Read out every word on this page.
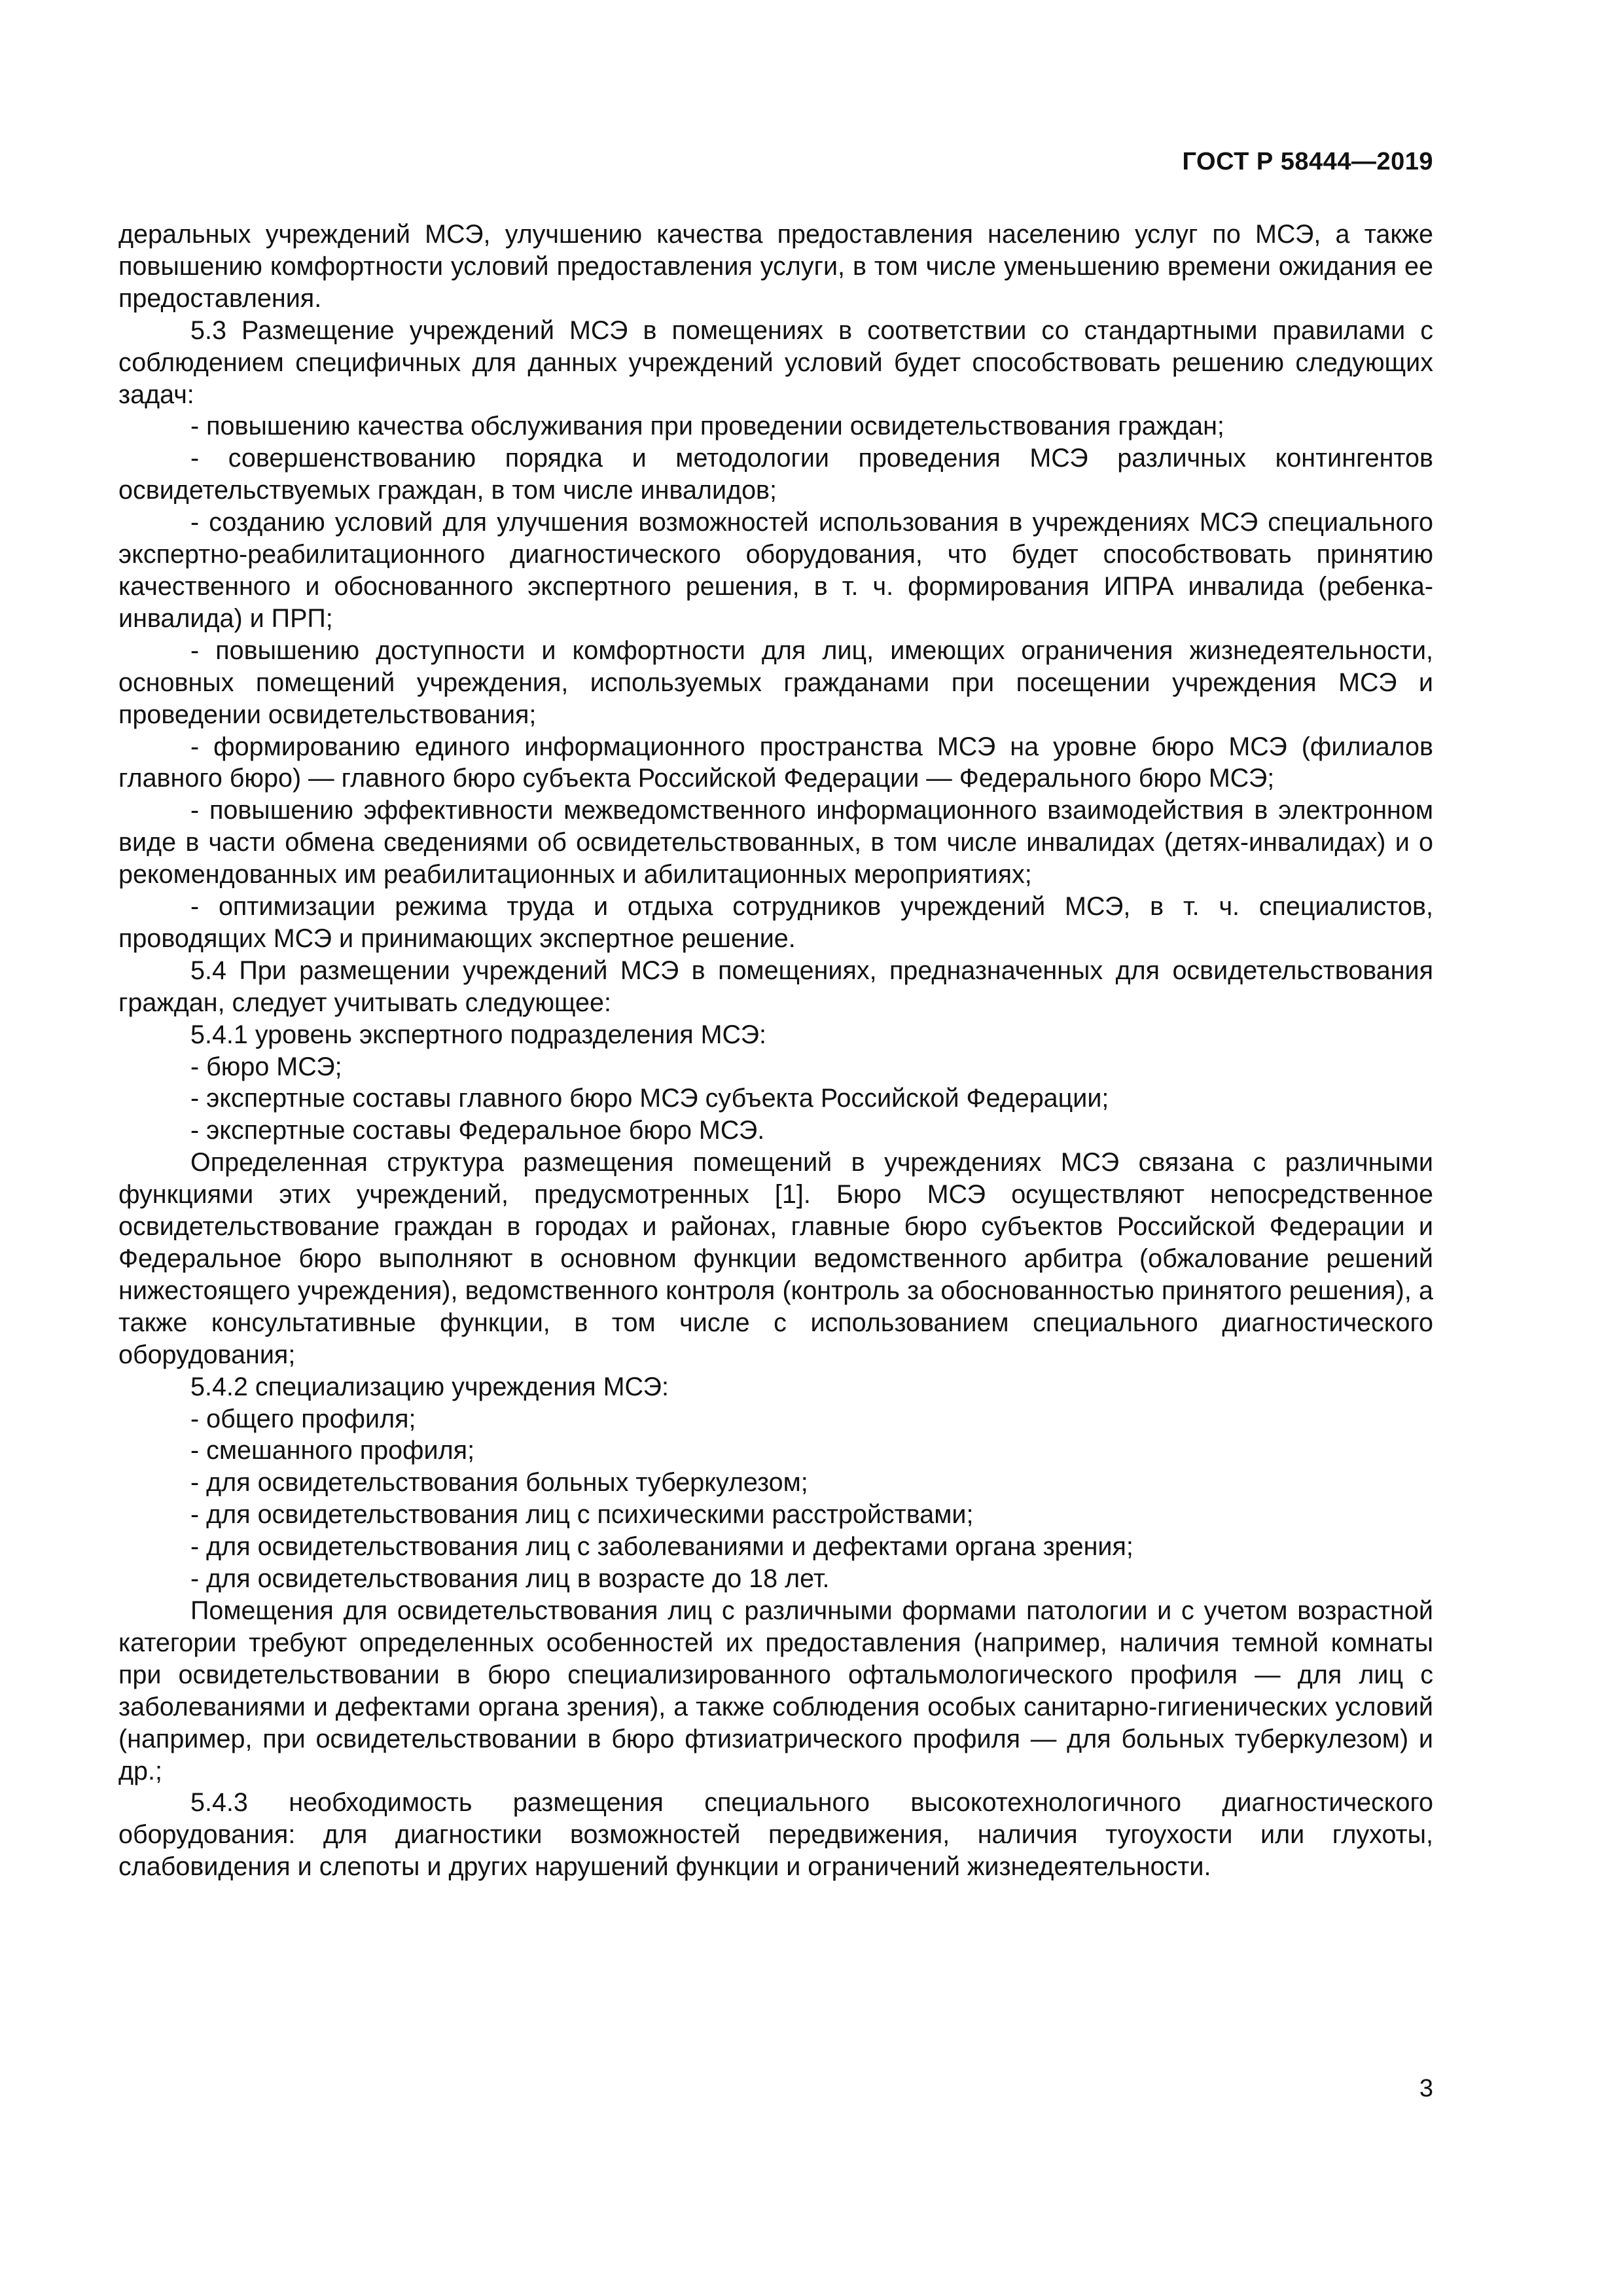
ГОСТ Р 58444—2019

деральных учреждений МСЭ, улучшению качества предоставления населению услуг по МСЭ, а также повышению комфортности условий предоставления услуги, в том числе уменьшению времени ожидания ее предоставления.

5.3 Размещение учреждений МСЭ в помещениях в соответствии со стандартными правилами с соблюдением специфичных для данных учреждений условий будет способствовать решению следующих задач:

- повышению качества обслуживания при проведении освидетельствования граждан;

- совершенствованию порядка и методологии проведения МСЭ различных контингентов освидетельствуемых граждан, в том числе инвалидов;

- созданию условий для улучшения возможностей использования в учреждениях МСЭ специального экспертно-реабилитационного диагностического оборудования, что будет способствовать принятию качественного и обоснованного экспертного решения, в т. ч. формирования ИПРА инвалида (ребенка-инвалида) и ПРП;

- повышению доступности и комфортности для лиц, имеющих ограничения жизнедеятельности, основных помещений учреждения, используемых гражданами при посещении учреждения МСЭ и проведении освидетельствования;

- формированию единого информационного пространства МСЭ на уровне бюро МСЭ (филиалов главного бюро) — главного бюро субъекта Российской Федерации — Федерального бюро МСЭ;

- повышению эффективности межведомственного информационного взаимодействия в электронном виде в части обмена сведениями об освидетельствованных, в том числе инвалидах (детях-инвалидах) и о рекомендованных им реабилитационных и абилитационных мероприятиях;

- оптимизации режима труда и отдыха сотрудников учреждений МСЭ, в т. ч. специалистов, проводящих МСЭ и принимающих экспертное решение.

5.4 При размещении учреждений МСЭ в помещениях, предназначенных для освидетельствования граждан, следует учитывать следующее:

5.4.1 уровень экспертного подразделения МСЭ:

- бюро МСЭ;

- экспертные составы главного бюро МСЭ субъекта Российской Федерации;

- экспертные составы Федеральное бюро МСЭ.

Определенная структура размещения помещений в учреждениях МСЭ связана с различными функциями этих учреждений, предусмотренных [1]. Бюро МСЭ осуществляют непосредственное освидетельствование граждан в городах и районах, главные бюро субъектов Российской Федерации и Федеральное бюро выполняют в основном функции ведомственного арбитра (обжалование решений нижестоящего учреждения), ведомственного контроля (контроль за обоснованностью принятого решения), а также консультативные функции, в том числе с использованием специального диагностического оборудования;

5.4.2 специализацию учреждения МСЭ:

- общего профиля;

- смешанного профиля;

- для освидетельствования больных туберкулезом;

- для освидетельствования лиц с психическими расстройствами;

- для освидетельствования лиц с заболеваниями и дефектами органа зрения;

- для освидетельствования лиц в возрасте до 18 лет.

Помещения для освидетельствования лиц с различными формами патологии и с учетом возрастной категории требуют определенных особенностей их предоставления (например, наличия темной комнаты при освидетельствовании в бюро специализированного офтальмологического профиля — для лиц с заболеваниями и дефектами органа зрения), а также соблюдения особых санитарно-гигиенических условий (например, при освидетельствовании в бюро фтизиатрического профиля — для больных туберкулезом) и др.;

5.4.3 необходимость размещения специального высокотехнологичного диагностического оборудования: для диагностики возможностей передвижения, наличия тугоухости или глухоты, слабовидения и слепоты и других нарушений функции и ограничений жизнедеятельности.

3
